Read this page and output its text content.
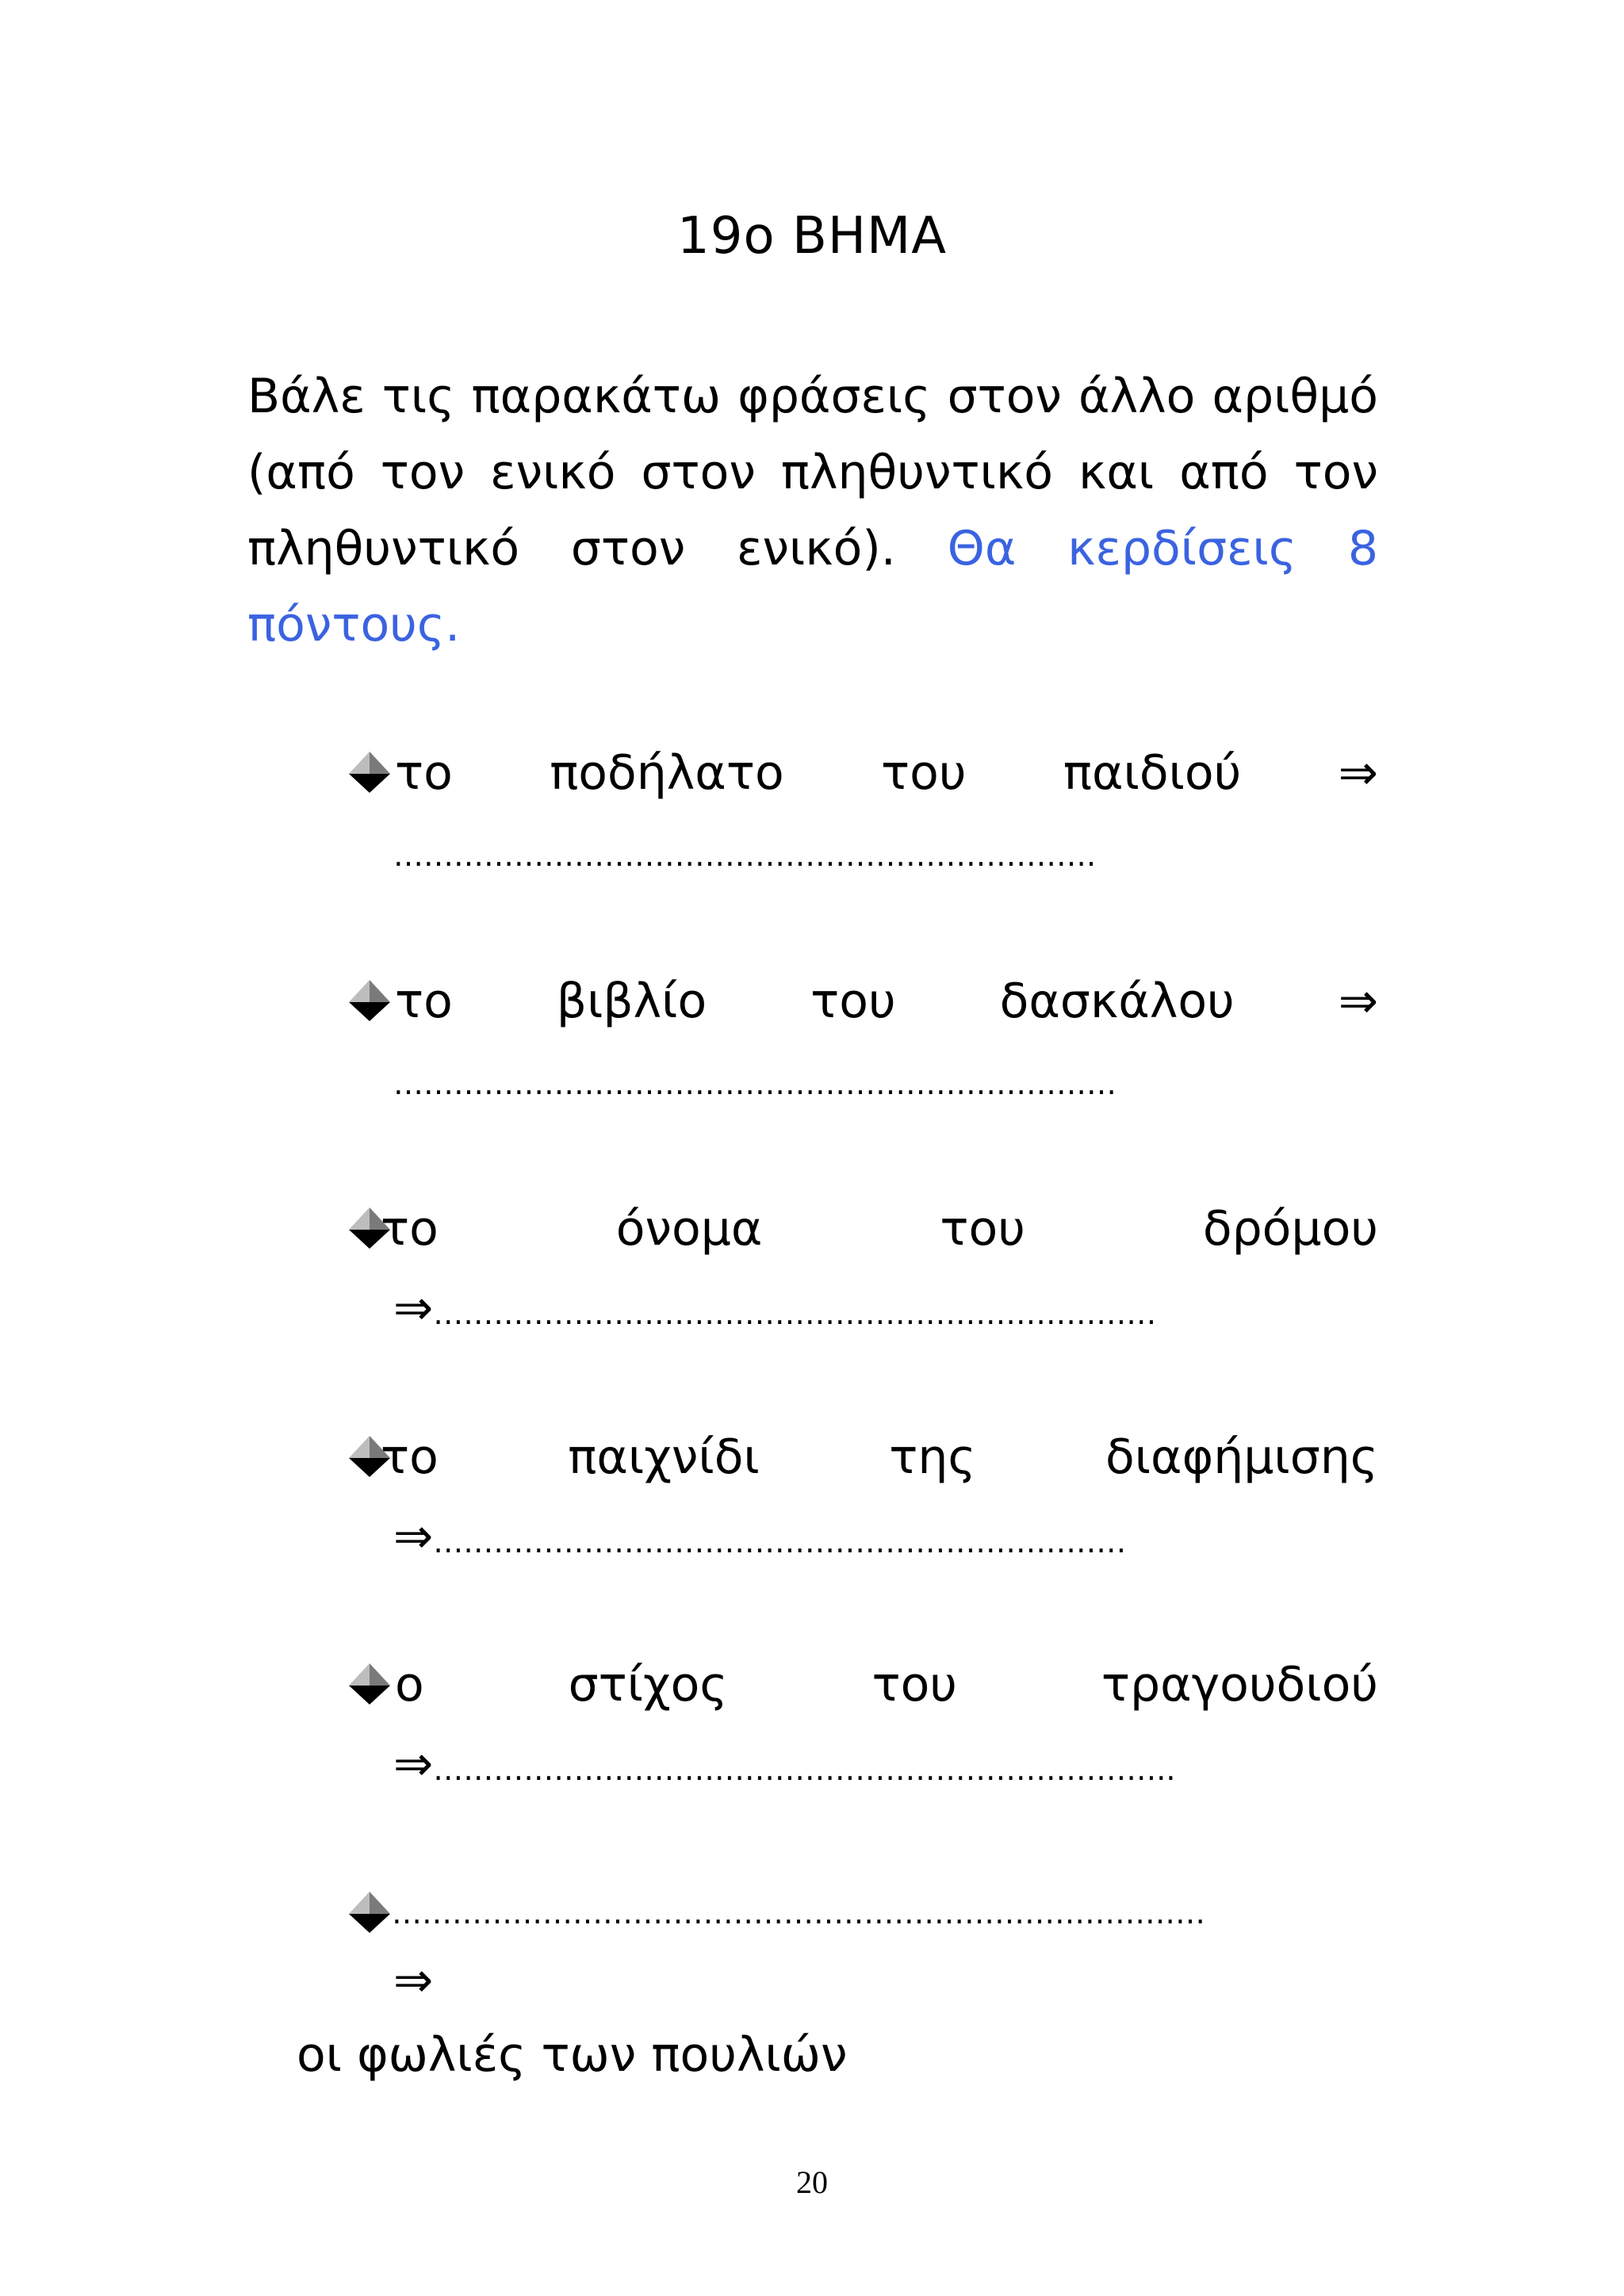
19ο ΒΗΜΑ
Βάλε τις παρακάτω φράσεις στον άλλο αριθμό (από τον ενικό στον πληθυντικό και από τον πληθυντικό στον ενικό). Θα κερδίσεις 8 πόντους.
το ποδήλατο του παιδιού ⇒
…………………………………………………………….
το βιβλίο του δασκάλου ⇒
………………………………………………………………
το	όνομα	του	δρόμου
⇒………………………………………………………………
το	παιχνίδι	της	διαφήμισης
⇒……………………………………………………………
ο	στίχος	του	τραγουδιού
⇒………………………………………………………………..
………………………………………………………………………
⇒
οι φωλιές των πουλιών
20
